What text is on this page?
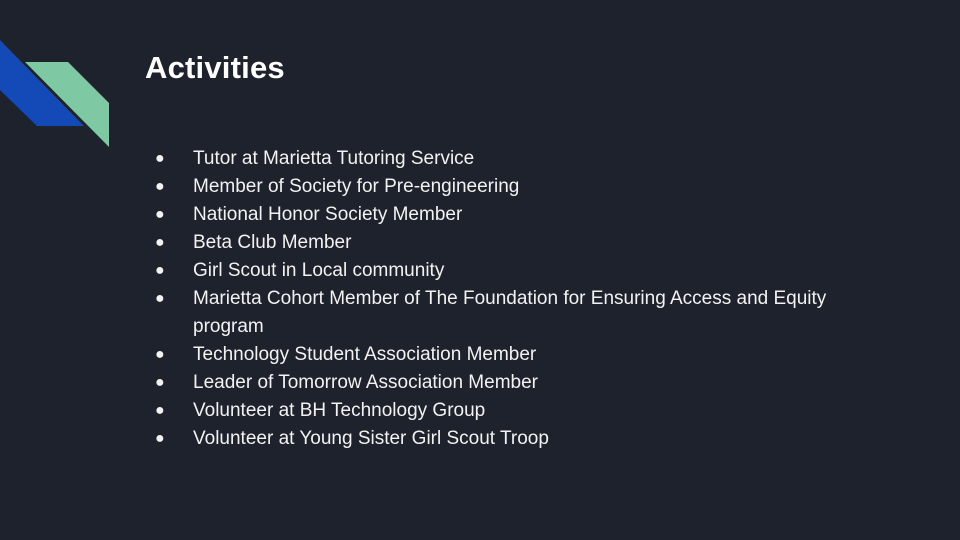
Activities
● Tutor at Marietta Tutoring Service
● Member of Society for Pre-engineering
● National Honor Society Member
● Beta Club Member
● Girl Scout in Local community
● Marietta Cohort Member of The Foundation for Ensuring Access and Equity program
● Technology Student Association Member
● Leader of Tomorrow Association Member
● Volunteer at BH Technology Group
● Volunteer at Young Sister Girl Scout Troop
